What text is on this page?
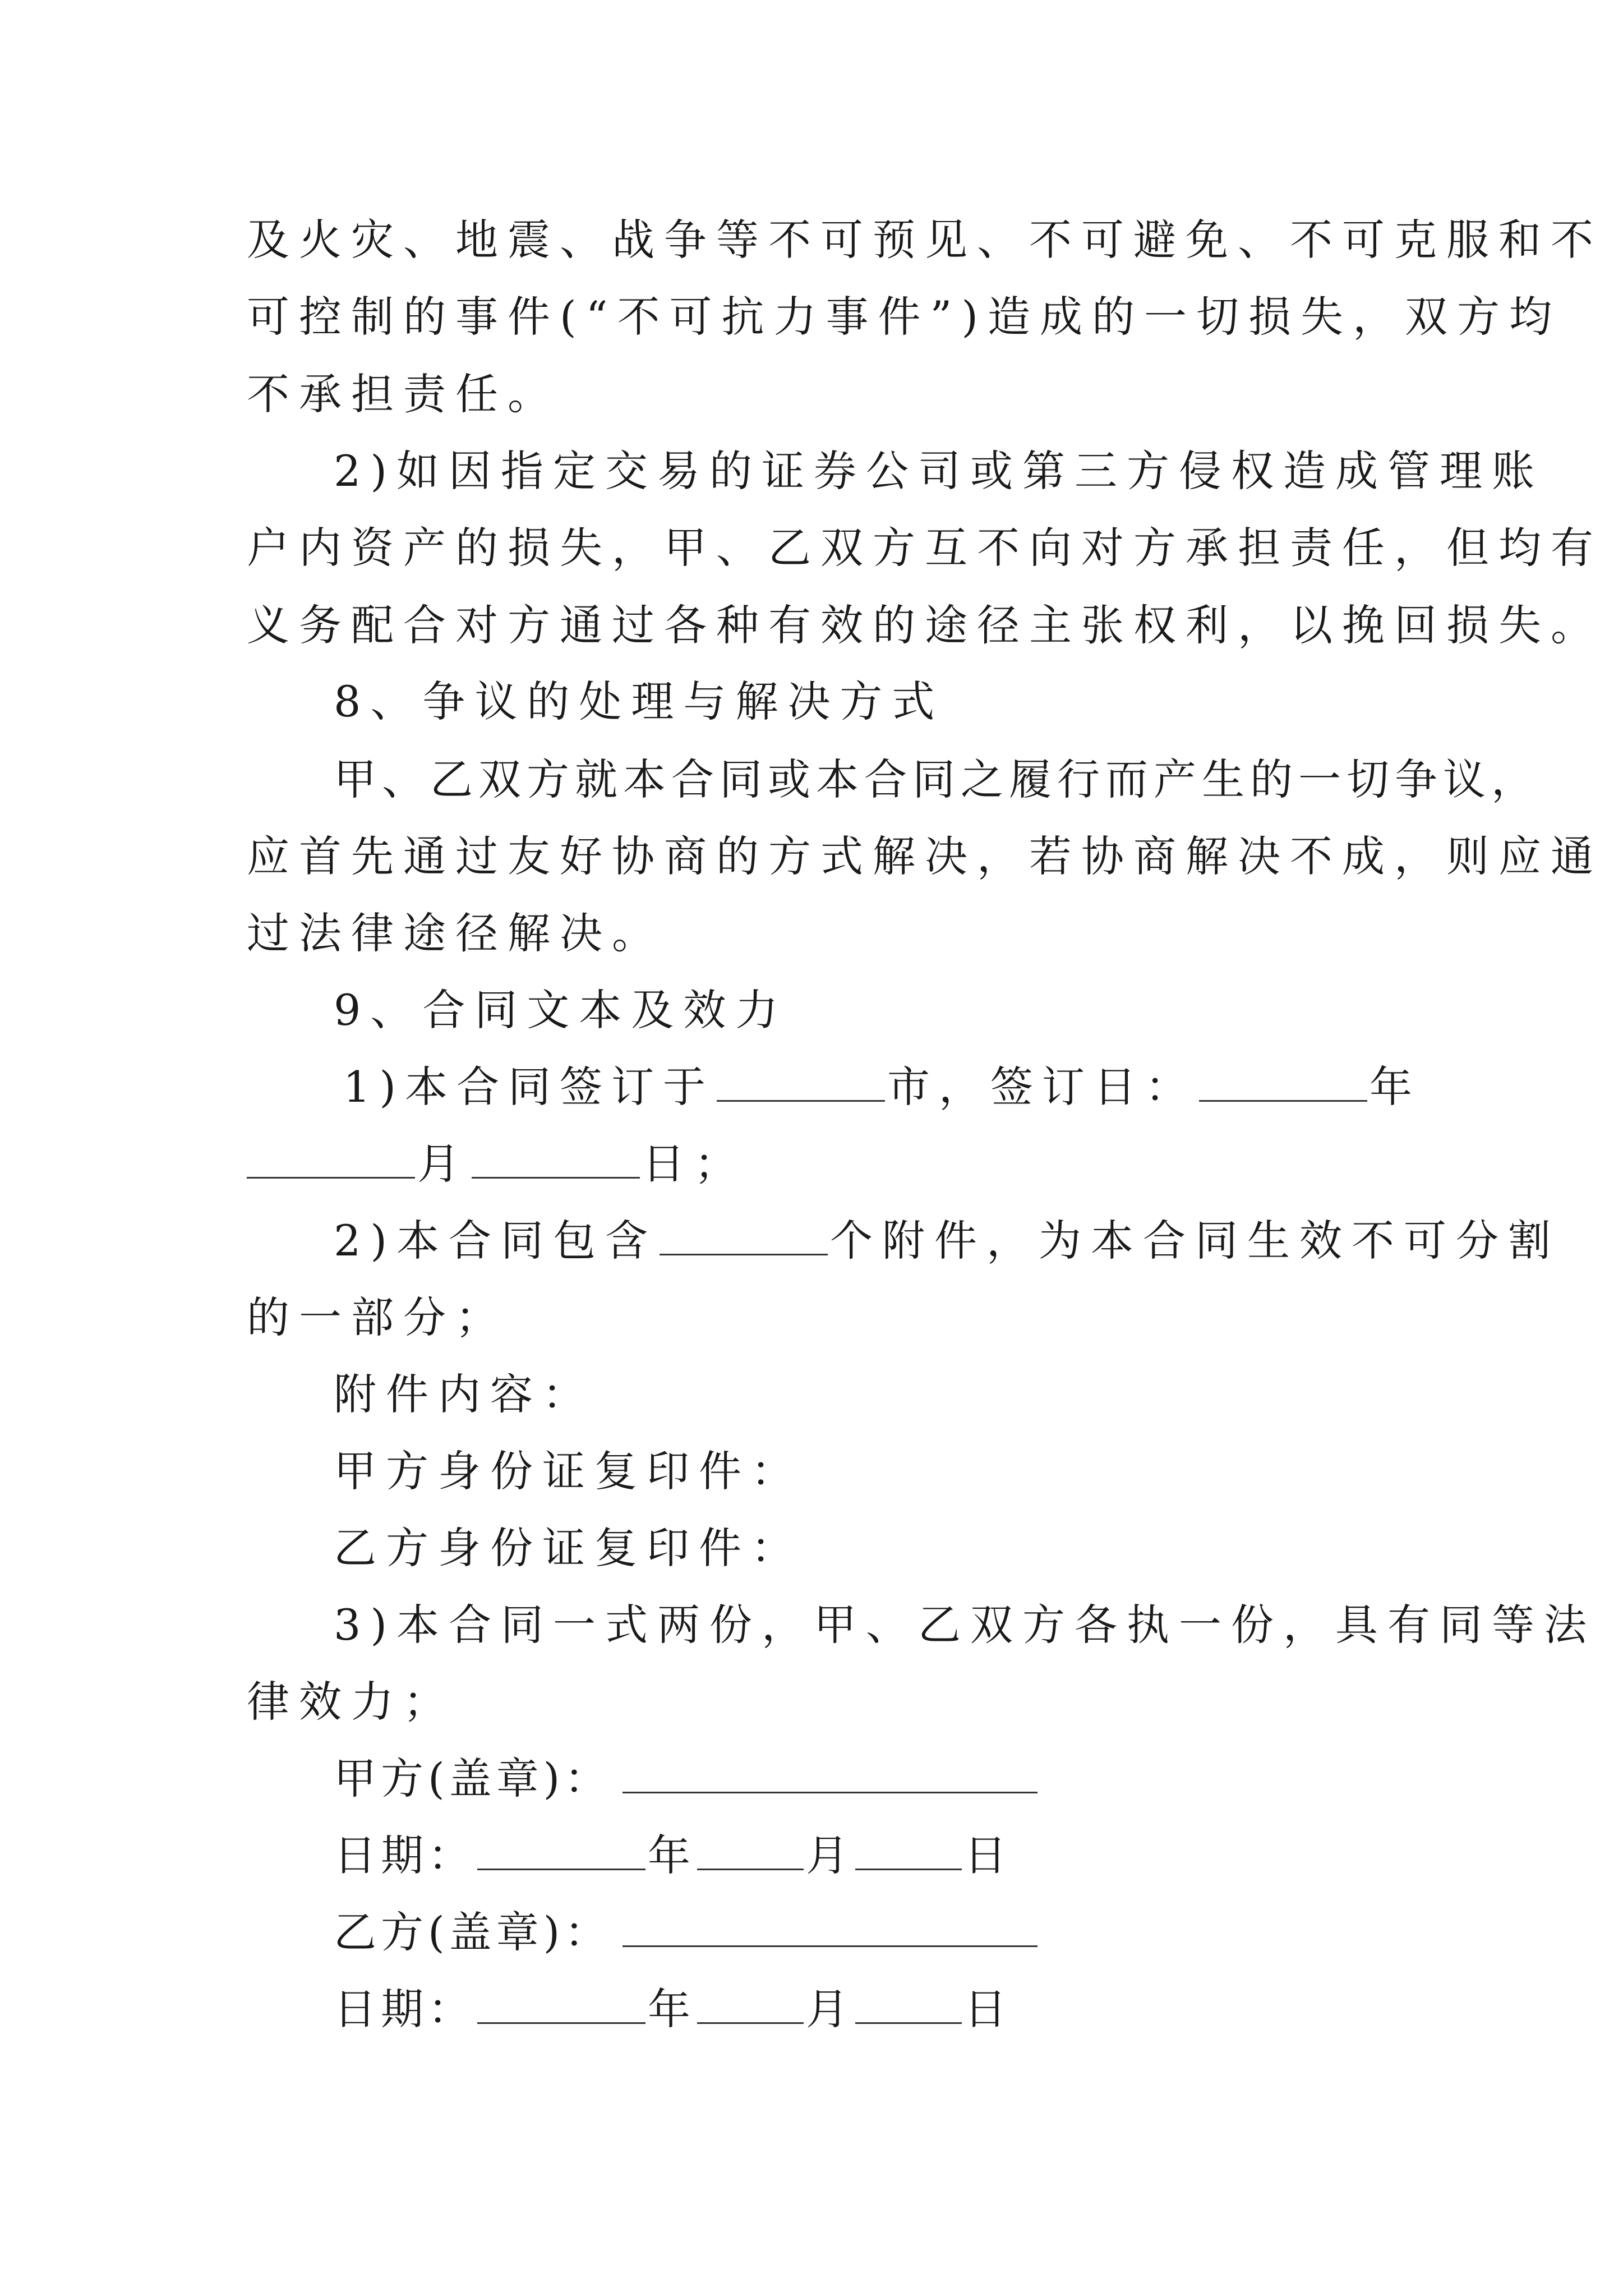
及火灾、地震、战争等不可预见、不可避免、不可克服和不
可控制的事件(“不可抗力事件”)造成的一切损失，双方均
不承担责任。
2)如因指定交易的证券公司或第三方侵权造成管理账
户内资产的损失，甲、乙双方互不向对方承担责任，但均有
义务配合对方通过各种有效的途径主张权利，以挽回损失。
8、争议的处理与解决方式
甲、乙双方就本合同或本合同之履行而产生的一切争议，
应首先通过友好协商的方式解决，若协商解决不成，则应通
过法律途径解决。
9、合同文本及效力
1)本合同签订于	市，签订日：	年
月	日；
2)本合同包含	个附件，为本合同生效不可分割
的一部分；
附件内容：
甲方身份证复印件：
乙方身份证复印件：
3)本合同一式两份，甲、乙双方各执一份，具有同等法
律效力；
甲方(盖章)：
日期：	年	月	日
乙方(盖章)：
日期：	年	月	日
